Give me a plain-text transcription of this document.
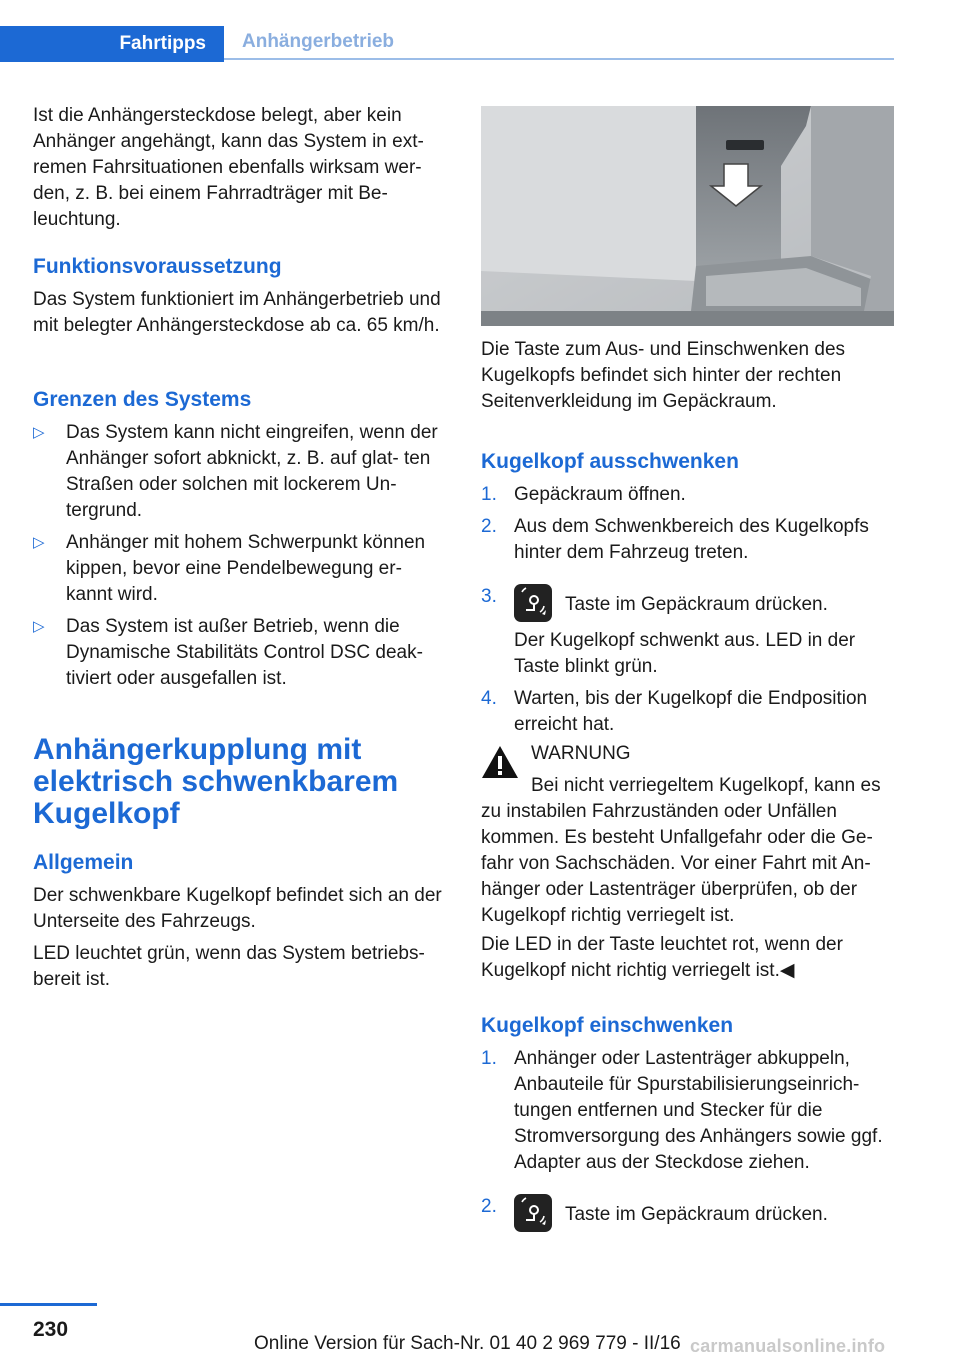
Fahrtipps	Anhängerbetrieb

Ist die Anhängersteckdose belegt, aber kein Anhänger angehängt, kann das System in ext- remen Fahrsituationen ebenfalls wirksam wer- den, z. B. bei einem Fahrradträger mit Be- leuchtung.

Funktionsvoraussetzung

Das System funktioniert im Anhängerbetrieb und mit belegter Anhängersteckdose ab ca. 65 km/h.

Grenzen des Systems
▷ Das System kann nicht eingreifen, wenn der Anhänger sofort abknickt, z. B. auf glat- ten Straßen oder solchen mit lockerem Un- tergrund.
▷ Anhänger mit hohem Schwerpunkt können kippen, bevor eine Pendelbewegung er- kannt wird.
▷ Das System ist außer Betrieb, wenn die Dynamische Stabilitäts Control DSC deak- tiviert oder ausgefallen ist.
Anhängerkupplung mit elektrisch schwenkbarem Kugelkopf
Allgemein

Der schwenkbare Kugelkopf befindet sich an der Unterseite des Fahrzeugs.

LED leuchtet grün, wenn das System betriebs- bereit ist.

Die Taste zum Aus- und Einschwenken des Kugelkopfs befindet sich hinter der rechten Seitenverkleidung im Gepäckraum.

Kugelkopf ausschwenken
1. Gepäckraum öffnen.
2. Aus dem Schwenkbereich des Kugelkopfs hinter dem Fahrzeug treten.
3.	Taste im Gepäckraum drücken.
Der Kugelkopf schwenkt aus. LED in der Taste blinkt grün.
4. Warten, bis der Kugelkopf die Endposition erreicht hat.

WARNUNG

Bei nicht verriegeltem Kugelkopf, kann es zu instabilen Fahrzuständen oder Unfällen kommen. Es besteht Unfallgefahr oder die Ge- fahr von Sachschäden. Vor einer Fahrt mit An- hänger oder Lastenträger überprüfen, ob der Kugelkopf richtig verriegelt ist.

Die LED in der Taste leuchtet rot, wenn der Kugelkopf nicht richtig verriegelt ist.◀

Kugelkopf einschwenken
1. Anhänger oder Lastenträger abkuppeln, Anbauteile für Spurstabilisierungseinrich- tungen entfernen und Stecker für die Stromversorgung des Anhängers sowie ggf. Adapter aus der Steckdose ziehen.
2.	Taste im Gepäckraum drücken.
230
Online Version für Sach-Nr. 01 40 2 969 779 - II/16 carmanualsonline.info
